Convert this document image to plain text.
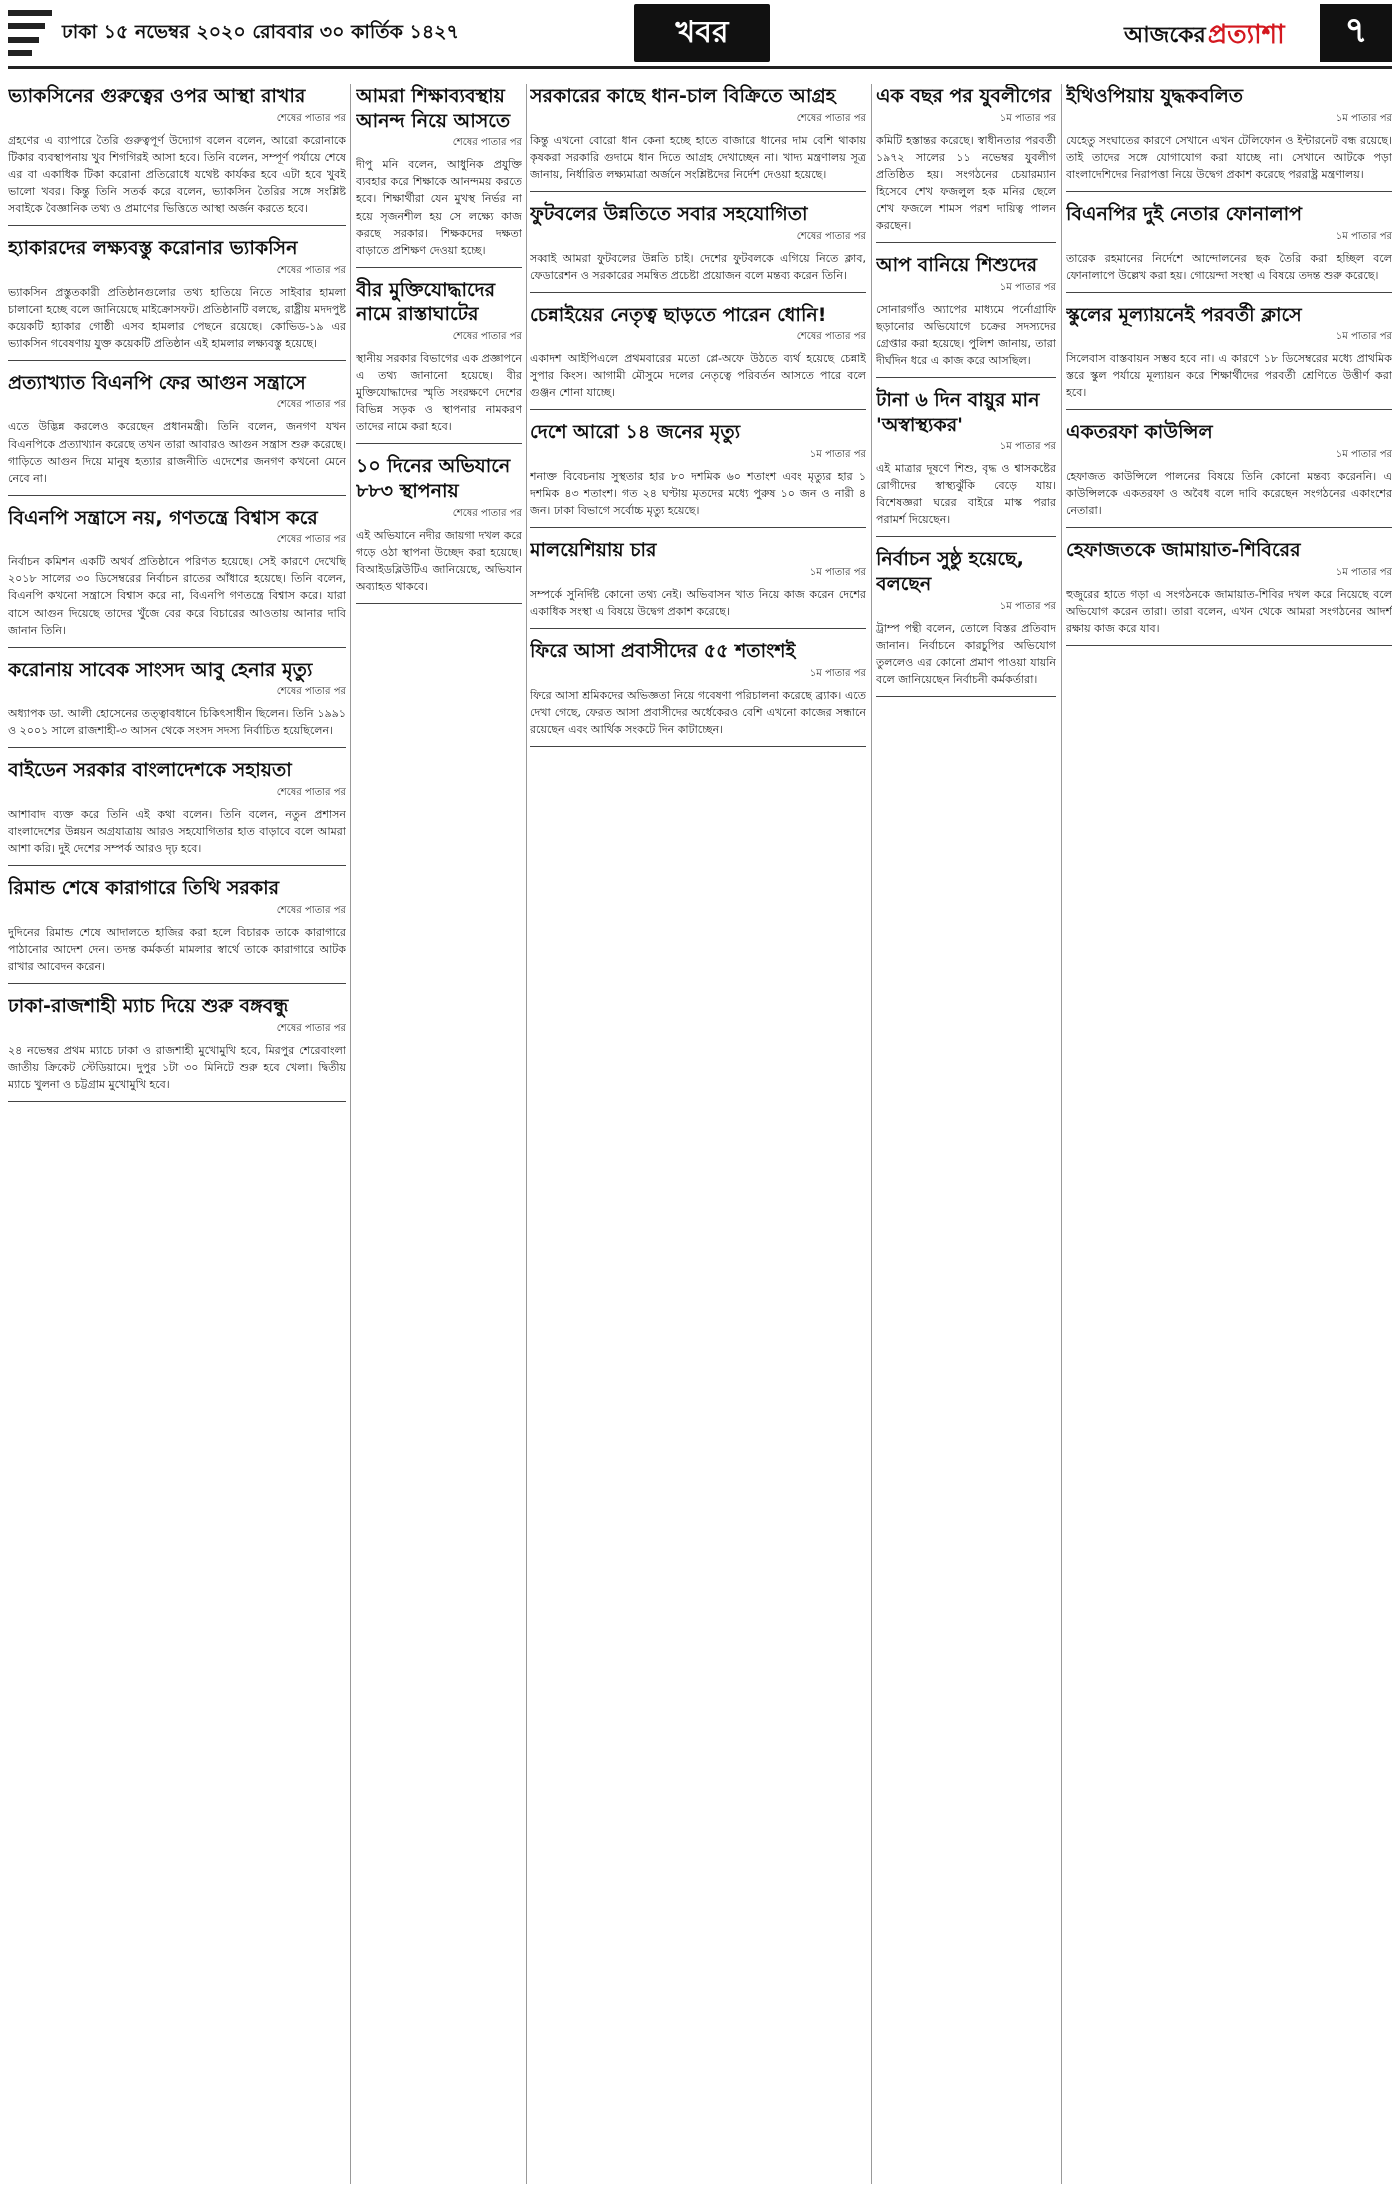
ঢাকা ১৫ নভেম্বর ২০২০ রোববার ৩০ কার্তিক ১৪২৭	খবর	আজকের প্রত্যাশা	৭
ভ্যাকসিনের গুরুত্বের ওপর আস্থা রাখার
শেষের পাতার পর

গ্রহণের এ ব্যাপারে তৈরি গুরুত্বপূর্ণ উদ্যোগ বলেন বলেন, আরো করোনাকে টিকার ব্যবস্থাপনায় খুব শিগগিরই আসা হবে। তিনি বলেন, সম্পূর্ণ পর্যায়ে শেষে এর বা একাধিক টিকা করোনা প্রতিরোধে যথেষ্ট কার্যকর হবে এটা হবে খুবই ভালো খবর। কিন্তু তিনি সতর্ক করে বলেন, ভ্যাকসিন তৈরির সঙ্গে সংশ্লিষ্ট সবাইকে বৈজ্ঞানিক তথ্য ও প্রমাণের ভিত্তিতে আস্থা অর্জন করতে হবে।

হ্যাকারদের লক্ষ্যবস্তু করোনার ভ্যাকসিন
শেষের পাতার পর

ভ্যাকসিন প্রস্তুতকারী প্রতিষ্ঠানগুলোর তথ্য হাতিয়ে নিতে সাইবার হামলা চালানো হচ্ছে বলে জানিয়েছে মাইক্রোসফট। প্রতিষ্ঠানটি বলছে, রাষ্ট্রীয় মদদপুষ্ট কয়েকটি হ্যাকার গোষ্ঠী এসব হামলার পেছনে রয়েছে। কোভিড-১৯ এর ভ্যাকসিন গবেষণায় যুক্ত কয়েকটি প্রতিষ্ঠান এই হামলার লক্ষ্যবস্তু হয়েছে।

প্রত্যাখ্যাত বিএনপি ফের আগুন সন্ত্রাসে
শেষের পাতার পর

এতে উদ্ভিন্ন করলেও করেছেন প্রধানমন্ত্রী। তিনি বলেন, জনগণ যখন বিএনপিকে প্রত্যাখ্যান করেছে তখন তারা আবারও আগুন সন্ত্রাস শুরু করেছে। গাড়িতে আগুন দিয়ে মানুষ হত্যার রাজনীতি এদেশের জনগণ কখনো মেনে নেবে না।

বিএনপি সন্ত্রাসে নয়, গণতন্ত্রে বিশ্বাস করে
শেষের পাতার পর

নির্বাচন কমিশন একটি অথর্ব প্রতিষ্ঠানে পরিণত হয়েছে। সেই কারণে দেখেছি ২০১৮ সালের ৩০ ডিসেম্বরের নির্বাচন রাতের আঁধারে হয়েছে। তিনি বলেন, বিএনপি কখনো সন্ত্রাসে বিশ্বাস করে না, বিএনপি গণতন্ত্রে বিশ্বাস করে। যারা বাসে আগুন দিয়েছে তাদের খুঁজে বের করে বিচারের আওতায় আনার দাবি জানান তিনি।

করোনায় সাবেক সাংসদ আবু হেনার মৃত্যু
শেষের পাতার পর

অধ্যাপক ডা. আলী হোসেনের তত্ত্বাবধানে চিকিৎসাধীন ছিলেন। তিনি ১৯৯১ ও ২০০১ সালে রাজশাহী-৩ আসন থেকে সংসদ সদস্য নির্বাচিত হয়েছিলেন।

বাইডেন সরকার বাংলাদেশকে সহায়তা
শেষের পাতার পর

আশাবাদ ব্যক্ত করে তিনি এই কথা বলেন। তিনি বলেন, নতুন প্রশাসন বাংলাদেশের উন্নয়ন অগ্রযাত্রায় আরও সহযোগিতার হাত বাড়াবে বলে আমরা আশা করি। দুই দেশের সম্পর্ক আরও দৃঢ় হবে।

রিমান্ড শেষে কারাগারে তিথি সরকার
শেষের পাতার পর

দুদিনের রিমান্ড শেষে আদালতে হাজির করা হলে বিচারক তাকে কারাগারে পাঠানোর আদেশ দেন। তদন্ত কর্মকর্তা মামলার স্বার্থে তাকে কারাগারে আটক রাখার আবেদন করেন।

ঢাকা-রাজশাহী ম্যাচ দিয়ে শুরু বঙ্গবন্ধু
শেষের পাতার পর

২৪ নভেম্বর প্রথম ম্যাচে ঢাকা ও রাজশাহী মুখোমুখি হবে, মিরপুর শেরেবাংলা জাতীয় ক্রিকেট স্টেডিয়ামে। দুপুর ১টা ৩০ মিনিটে শুরু হবে খেলা। দ্বিতীয় ম্যাচে খুলনা ও চট্টগ্রাম মুখোমুখি হবে।

আমরা শিক্ষাব্যবস্থায় আনন্দ নিয়ে আসতে
শেষের পাতার পর

দীপু মনি বলেন, আধুনিক প্রযুক্তি ব্যবহার করে শিক্ষাকে আনন্দময় করতে হবে। শিক্ষার্থীরা যেন মুখস্থ নির্ভর না হয়ে সৃজনশীল হয় সে লক্ষ্যে কাজ করছে সরকার। শিক্ষকদের দক্ষতা বাড়াতে প্রশিক্ষণ দেওয়া হচ্ছে।

বীর মুক্তিযোদ্ধাদের নামে রাস্তাঘাটের
শেষের পাতার পর

স্থানীয় সরকার বিভাগের এক প্রজ্ঞাপনে এ তথ্য জানানো হয়েছে। বীর মুক্তিযোদ্ধাদের স্মৃতি সংরক্ষণে দেশের বিভিন্ন সড়ক ও স্থাপনার নামকরণ তাদের নামে করা হবে।

১০ দিনের অভিযানে ৮৮৩ স্থাপনায়
শেষের পাতার পর

এই অভিযানে নদীর জায়গা দখল করে গড়ে ওঠা স্থাপনা উচ্ছেদ করা হয়েছে। বিআইডব্লিউটিএ জানিয়েছে, অভিযান অব্যাহত থাকবে।

সরকারের কাছে ধান-চাল বিক্রিতে আগ্রহ
শেষের পাতার পর

কিন্তু এখনো বোরো ধান কেনা হচ্ছে হাতে বাজারে ধানের দাম বেশি থাকায় কৃষকরা সরকারি গুদামে ধান দিতে আগ্রহ দেখাচ্ছেন না। খাদ্য মন্ত্রণালয় সূত্র জানায়, নির্ধারিত লক্ষ্যমাত্রা অর্জনে সংশ্লিষ্টদের নির্দেশ দেওয়া হয়েছে।

ফুটবলের উন্নতিতে সবার সহযোগিতা
শেষের পাতার পর

সব্বাই আমরা ফুটবলের উন্নতি চাই। দেশের ফুটবলকে এগিয়ে নিতে ক্লাব, ফেডারেশন ও সরকারের সমন্বিত প্রচেষ্টা প্রয়োজন বলে মন্তব্য করেন তিনি।

চেন্নাইয়ের নেতৃত্ব ছাড়তে পারেন ধোনি!
শেষের পাতার পর

একাদশ আইপিএলে প্রথমবারের মতো প্লে-অফে উঠতে ব্যর্থ হয়েছে চেন্নাই সুপার কিংস। আগামী মৌসুমে দলের নেতৃত্বে পরিবর্তন আসতে পারে বলে গুঞ্জন শোনা যাচ্ছে।

দেশে আরো ১৪ জনের মৃত্যু
১ম পাতার পর

শনাক্ত বিবেচনায় সুস্থতার হার ৮০ দশমিক ৬০ শতাংশ এবং মৃত্যুর হার ১ দশমিক ৪৩ শতাংশ। গত ২৪ ঘণ্টায় মৃতদের মধ্যে পুরুষ ১০ জন ও নারী ৪ জন। ঢাকা বিভাগে সর্বোচ্চ মৃত্যু হয়েছে।

মালয়েশিয়ায় চার
১ম পাতার পর

সম্পর্কে সুনির্দিষ্ট কোনো তথ্য নেই। অভিবাসন খাত নিয়ে কাজ করেন দেশের একাধিক সংস্থা এ বিষয়ে উদ্বেগ প্রকাশ করেছে।

ফিরে আসা প্রবাসীদের ৫৫ শতাংশই
১ম পাতার পর

ফিরে আসা শ্রমিকদের অভিজ্ঞতা নিয়ে গবেষণা পরিচালনা করেছে ব্র্যাক। এতে দেখা গেছে, ফেরত আসা প্রবাসীদের অর্ধেকেরও বেশি এখনো কাজের সন্ধানে রয়েছেন এবং আর্থিক সংকটে দিন কাটাচ্ছেন।

এক বছর পর যুবলীগের
১ম পাতার পর

কমিটি হস্তান্তর করেছে। স্বাধীনতার পরবর্তী ১৯৭২ সালের ১১ নভেম্বর যুবলীগ প্রতিষ্ঠিত হয়। সংগঠনের চেয়ারম্যান হিসেবে শেখ ফজলুল হক মনির ছেলে শেখ ফজলে শামস পরশ দায়িত্ব পালন করছেন।

আপ বানিয়ে শিশুদের
১ম পাতার পর

সোনারগাঁও অ্যাপের মাধ্যমে পর্নোগ্রাফি ছড়ানোর অভিযোগে চক্রের সদস্যদের গ্রেপ্তার করা হয়েছে। পুলিশ জানায়, তারা দীর্ঘদিন ধরে এ কাজ করে আসছিল।

টানা ৬ দিন বায়ুর মান 'অস্বাস্থ্যকর'
১ম পাতার পর

এই মাত্রার দূষণে শিশু, বৃদ্ধ ও শ্বাসকষ্টের রোগীদের স্বাস্থ্যঝুঁকি বেড়ে যায়। বিশেষজ্ঞরা ঘরের বাইরে মাস্ক পরার পরামর্শ দিয়েছেন।

নির্বাচন সুষ্ঠু হয়েছে, বলছেন
১ম পাতার পর

ট্রাম্প পন্থী বলেন, তোলে বিস্তর প্রতিবাদ জানান। নির্বাচনে কারচুপির অভিযোগ তুললেও এর কোনো প্রমাণ পাওয়া যায়নি বলে জানিয়েছেন নির্বাচনী কর্মকর্তারা।

ইথিওপিয়ায় যুদ্ধকবলিত
১ম পাতার পর

যেহেতু সংঘাতের কারণে সেখানে এখন টেলিফোন ও ইন্টারনেট বন্ধ রয়েছে। তাই তাদের সঙ্গে যোগাযোগ করা যাচ্ছে না। সেখানে আটকে পড়া বাংলাদেশিদের নিরাপত্তা নিয়ে উদ্বেগ প্রকাশ করেছে পররাষ্ট্র মন্ত্রণালয়।

বিএনপির দুই নেতার ফোনালাপ
১ম পাতার পর

তারেক রহমানের নির্দেশে আন্দোলনের ছক তৈরি করা হচ্ছিল বলে ফোনালাপে উল্লেখ করা হয়। গোয়েন্দা সংস্থা এ বিষয়ে তদন্ত শুরু করেছে।

স্কুলের মূল্যায়নেই পরবর্তী ক্লাসে
১ম পাতার পর

সিলেবাস বাস্তবায়ন সম্ভব হবে না। এ কারণে ১৮ ডিসেম্বরের মধ্যে প্রাথমিক স্তরে স্কুল পর্যায়ে মূল্যায়ন করে শিক্ষার্থীদের পরবর্তী শ্রেণিতে উত্তীর্ণ করা হবে।

একতরফা কাউন্সিল
১ম পাতার পর

হেফাজত কাউন্সিলে পালনের বিষয়ে তিনি কোনো মন্তব্য করেননি। এ কাউন্সিলকে একতরফা ও অবৈধ বলে দাবি করেছেন সংগঠনের একাংশের নেতারা।

হেফাজতকে জামায়াত-শিবিরের
১ম পাতার পর

হুজুরের হাতে গড়া এ সংগঠনকে জামায়াত-শিবির দখল করে নিয়েছে বলে অভিযোগ করেন তারা। তারা বলেন, এখন থেকে আমরা সংগঠনের আদর্শ রক্ষায় কাজ করে যাব।
